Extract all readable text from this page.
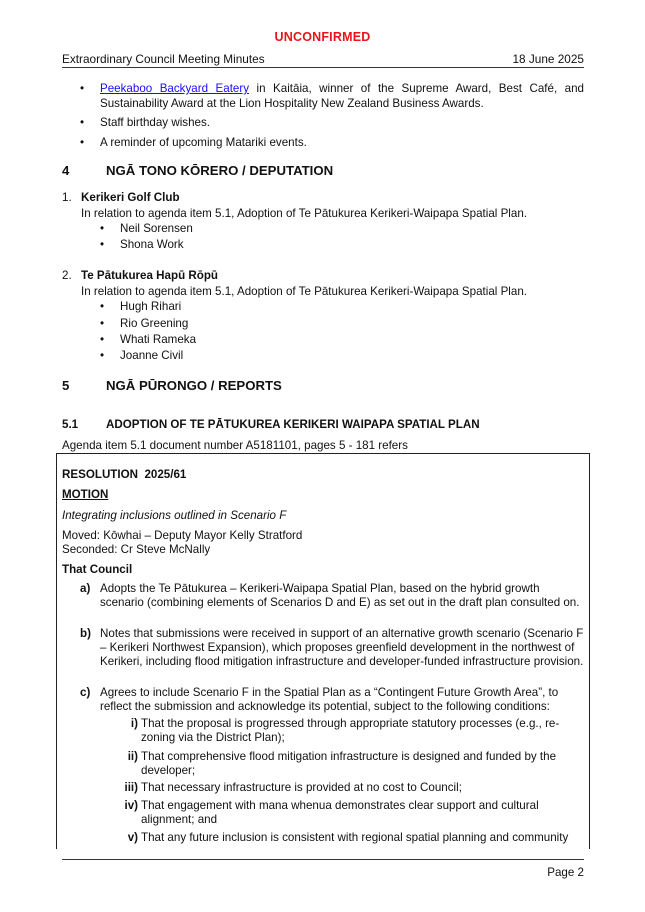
UNCONFIRMED
Extraordinary Council Meeting Minutes	18 June 2025
•	Peekaboo Backyard Eatery in Kaitāia, winner of the Supreme Award, Best Café, and Sustainability Award at the Lion Hospitality New Zealand Business Awards.
•	Staff birthday wishes.
•	A reminder of upcoming Matariki events.
4	NGĀ TONO KŌRERO / DEPUTATION
1. Kerikeri Golf Club
In relation to agenda item 5.1, Adoption of Te Pātukurea Kerikeri-Waipapa Spatial Plan.
• Neil Sorensen
• Shona Work
2. Te Pātukurea Hapū Rōpū
In relation to agenda item 5.1, Adoption of Te Pātukurea Kerikeri-Waipapa Spatial Plan.
• Hugh Rihari
• Rio Greening
• Whati Rameka
• Joanne Civil
5	NGĀ PŪRONGO / REPORTS
5.1 ADOPTION OF TE PĀTUKUREA KERIKERI WAIPAPA SPATIAL PLAN
Agenda item 5.1 document number A5181101, pages 5 - 181 refers
RESOLUTION  2025/61
MOTION
Integrating inclusions outlined in Scenario F
Moved: Kōwhai – Deputy Mayor Kelly Stratford
Seconded: Cr Steve McNally
That Council
a) Adopts the Te Pātukurea – Kerikeri-Waipapa Spatial Plan, based on the hybrid growth scenario (combining elements of Scenarios D and E) as set out in the draft plan consulted on.
b) Notes that submissions were received in support of an alternative growth scenario (Scenario F – Kerikeri Northwest Expansion), which proposes greenfield development in the northwest of Kerikeri, including flood mitigation infrastructure and developer-funded infrastructure provision.
c) Agrees to include Scenario F in the Spatial Plan as a “Contingent Future Growth Area”, to reflect the submission and acknowledge its potential, subject to the following conditions:
i) That the proposal is progressed through appropriate statutory processes (e.g., re-zoning via the District Plan);
ii) That comprehensive flood mitigation infrastructure is designed and funded by the developer;
iii) That necessary infrastructure is provided at no cost to Council;
iv) That engagement with mana whenua demonstrates clear support and cultural alignment; and
v) That any future inclusion is consistent with regional spatial planning and community
Page 2
